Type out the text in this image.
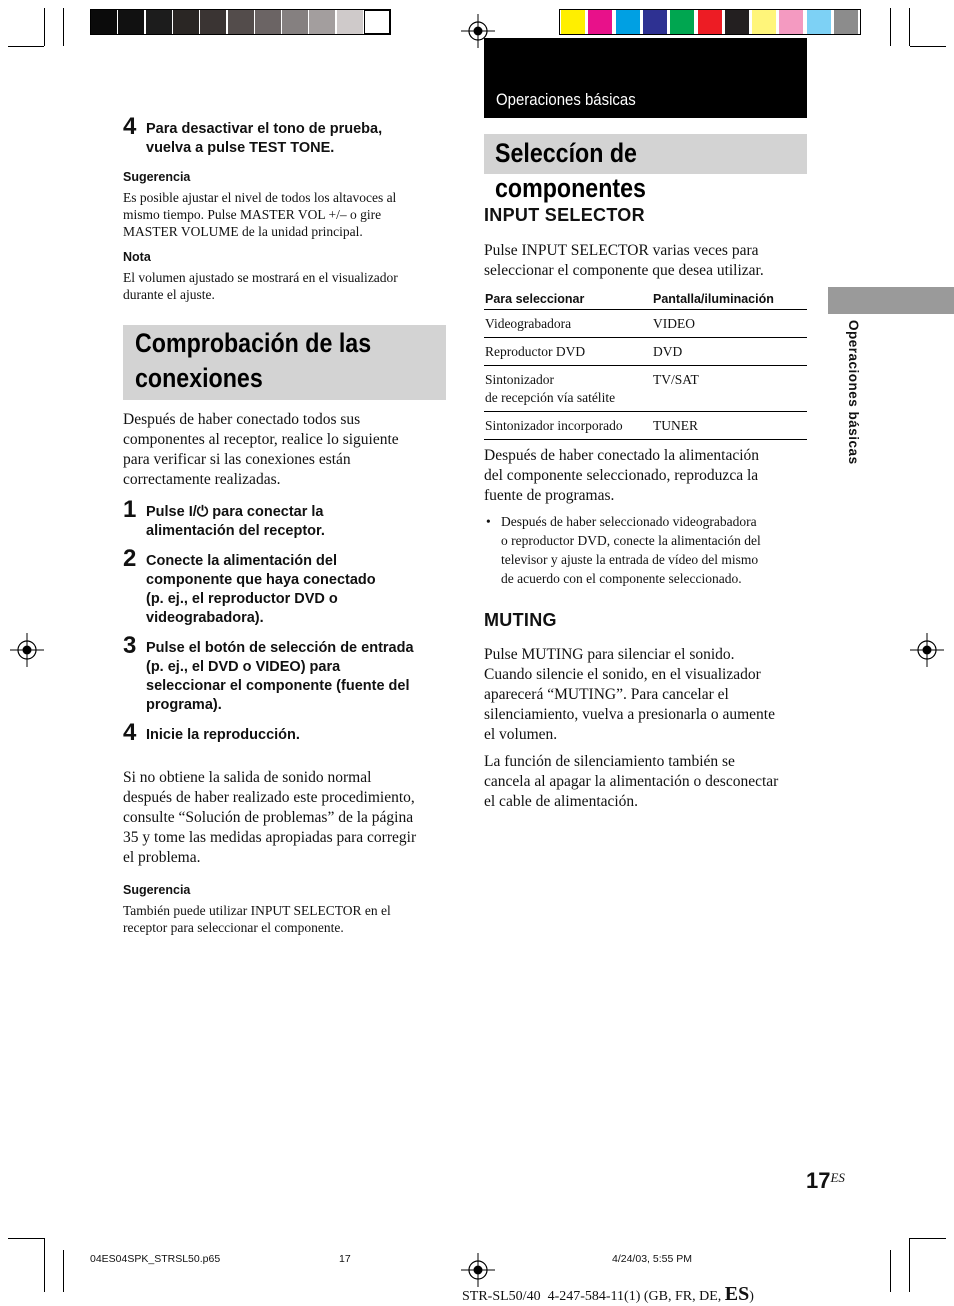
Operaciones básicas
Operaciones básicas
4 Para desactivar el tono de prueba,
vuelva a pulse TEST TONE.
Sugerencia
Es posible ajustar el nivel de todos los altavoces al
mismo tiempo. Pulse MASTER VOL +/– o gire
MASTER VOLUME de la unidad principal.
Nota
El volumen ajustado se mostrará en el visualizador
durante el ajuste.
Comprobación de las
conexiones
Después de haber conectado todos sus
componentes al receptor, realice lo siguiente
para verificar si las conexiones están
correctamente realizadas.
1 Pulse I/⏻ para conectar la
alimentación del receptor.
2 Conecte la alimentación del
componente que haya conectado
(p. ej., el reproductor DVD o
videograbadora).
3 Pulse el botón de selección de entrada
(p. ej., el DVD o VIDEO) para
seleccionar el componente (fuente del
programa).
4 Inicie la reproducción.
Si no obtiene la salida de sonido normal
después de haber realizado este procedimiento,
consulte “Solución de problemas” de la página
35 y tome las medidas apropiadas para corregir
el problema.
Sugerencia
También puede utilizar INPUT SELECTOR en el
receptor para seleccionar el componente.
Seleccíon de componentes
INPUT SELECTOR
Pulse INPUT SELECTOR varias veces para
seleccionar el componente que desea utilizar.
Para seleccionar	Pantalla/iluminación
Videograbadora	VIDEO
Reproductor DVD	DVD

Sintonizador
de recepción vía satélite	TV/SAT
Sintonizador incorporado	TUNER
Después de haber conectado la alimentación
del componente seleccionado, reproduzca la
fuente de programas.
• Después de haber seleccionado videograbadora
o reproductor DVD, conecte la alimentación del
televisor y ajuste la entrada de vídeo del mismo
de acuerdo con el componente seleccionado.
MUTING
Pulse MUTING para silenciar el sonido.
Cuando silencie el sonido, en el visualizador
aparecerá “MUTING”. Para cancelar el
silenciamiento, vuelva a presionarla o aumente
el volumen.
La función de silenciamiento también se
cancela al apagar la alimentación o desconectar
el cable de alimentación.
$17^{ES}$
04ES04SPK_STRSL50.p65	17	4/24/03, 5:55 PM

STR-SL50/40  4-247-584-11(1) (GB, FR, DE, ES)
